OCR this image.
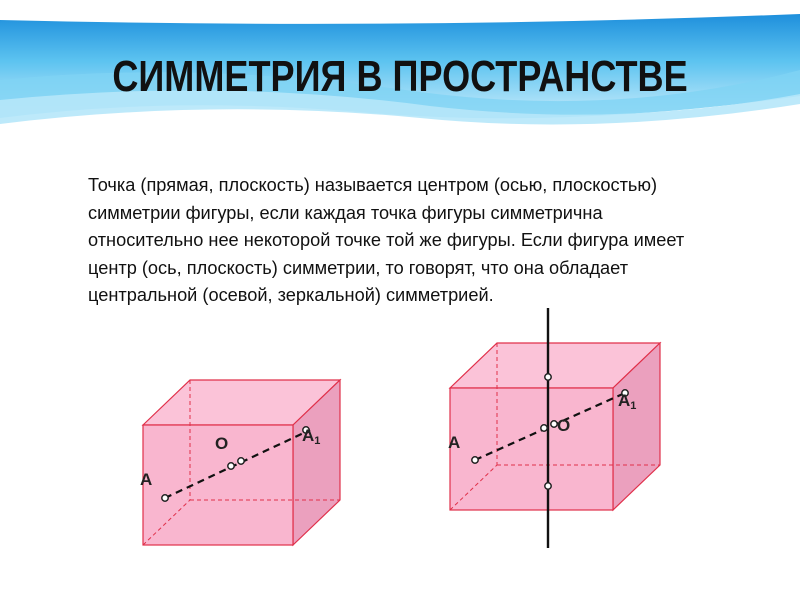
СИММЕТРИЯ В ПРОСТРАНСТВЕ

Точка (прямая, плоскость) называется центром (осью, плоскостью) симметрии фигуры, если каждая точка фигуры симметрична относительно нее некоторой точке той же фигуры. Если фигура имеет центр (ось, плоскость) симметрии, то говорят, что она обладает центральной (осевой, зеркальной) симметрией.

A
O	A1	A
O
A1
